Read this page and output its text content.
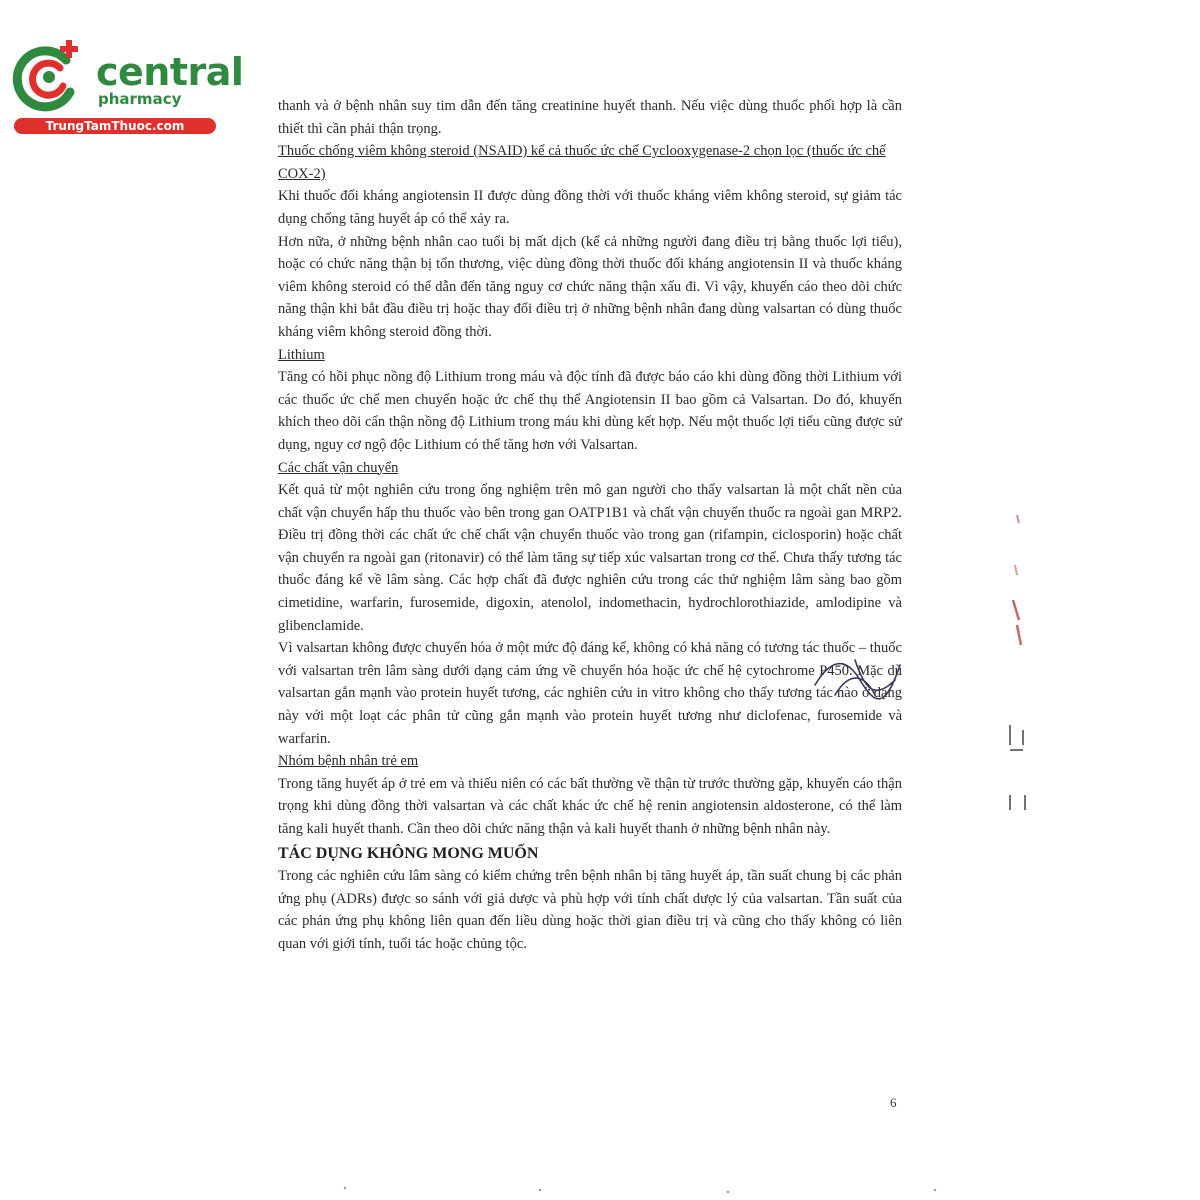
central
pharmacy
TrungTamThuoc.com

thanh và ở bệnh nhân suy tim dẫn đến tăng creatinine huyết thanh. Nếu việc dùng thuốc phối hợp là cần thiết thì cần phải thận trọng.

Thuốc chống viêm không steroid (NSAID) kể cả thuốc ức chế Cyclooxygenase-2 chọn lọc (thuốc ức chế COX-2)

Khi thuốc đối kháng angiotensin II được dùng đồng thời với thuốc kháng viêm không steroid, sự giảm tác dụng chống tăng huyết áp có thể xảy ra.

Hơn nữa, ở những bệnh nhân cao tuổi bị mất dịch (kể cả những người đang điều trị bằng thuốc lợi tiểu), hoặc có chức năng thận bị tổn thương, việc dùng đồng thời thuốc đối kháng angiotensin II và thuốc kháng viêm không steroid có thể dẫn đến tăng nguy cơ chức năng thận xấu đi. Vì vậy, khuyến cáo theo dõi chức năng thận khi bắt đầu điều trị hoặc thay đổi điều trị ở những bệnh nhân đang dùng valsartan có dùng thuốc kháng viêm không steroid đồng thời.

Lithium

Tăng có hồi phục nồng độ Lithium trong máu và độc tính đã được báo cáo khi dùng đồng thời Lithium với các thuốc ức chế men chuyển hoặc ức chế thụ thể Angiotensin II bao gồm cả Valsartan. Do đó, khuyến khích theo dõi cẩn thận nồng độ Lithium trong máu khi dùng kết hợp. Nếu một thuốc lợi tiểu cũng được sử dụng, nguy cơ ngộ độc Lithium có thể tăng hơn với Valsartan.

Các chất vận chuyển

Kết quả từ một nghiên cứu trong ống nghiệm trên mô gan người cho thấy valsartan là một chất nền của chất vận chuyển hấp thu thuốc vào bên trong gan OATP1B1 và chất vận chuyển thuốc ra ngoài gan MRP2. Điều trị đồng thời các chất ức chế chất vận chuyển thuốc vào trong gan (rifampin, ciclosporin) hoặc chất vận chuyển ra ngoài gan (ritonavir) có thể làm tăng sự tiếp xúc valsartan trong cơ thể. Chưa thấy tương tác thuốc đáng kể về lâm sàng. Các hợp chất đã được nghiên cứu trong các thử nghiệm lâm sàng bao gồm cimetidine, warfarin, furosemide, digoxin, atenolol, indomethacin, hydrochlorothiazide, amlodipine và glibenclamide.

Vì valsartan không được chuyển hóa ở một mức độ đáng kể, không có khả năng có tương tác thuốc – thuốc với valsartan trên lâm sàng dưới dạng cảm ứng về chuyển hóa hoặc ức chế hệ cytochrome P450. Mặc dù valsartan gắn mạnh vào protein huyết tương, các nghiên cứu in vitro không cho thấy tương tác nào ở dạng này với một loạt các phân tử cũng gắn mạnh vào protein huyết tương như diclofenac, furosemide và warfarin.

Nhóm bệnh nhân trẻ em

Trong tăng huyết áp ở trẻ em và thiếu niên có các bất thường về thận từ trước thường gặp, khuyến cáo thận trọng khi dùng đồng thời valsartan và các chất khác ức chế hệ renin angiotensin aldosterone, có thể làm tăng kali huyết thanh. Cần theo dõi chức năng thận và kali huyết thanh ở những bệnh nhân này.

TÁC DỤNG KHÔNG MONG MUỐN

Trong các nghiên cứu lâm sàng có kiểm chứng trên bệnh nhân bị tăng huyết áp, tần suất chung bị các phản ứng phụ (ADRs) được so sánh với giả dược và phù hợp với tính chất dược lý của valsartan. Tần suất của các phản ứng phụ không liên quan đến liều dùng hoặc thời gian điều trị và cũng cho thấy không có liên quan với giới tính, tuổi tác hoặc chủng tộc.

6
